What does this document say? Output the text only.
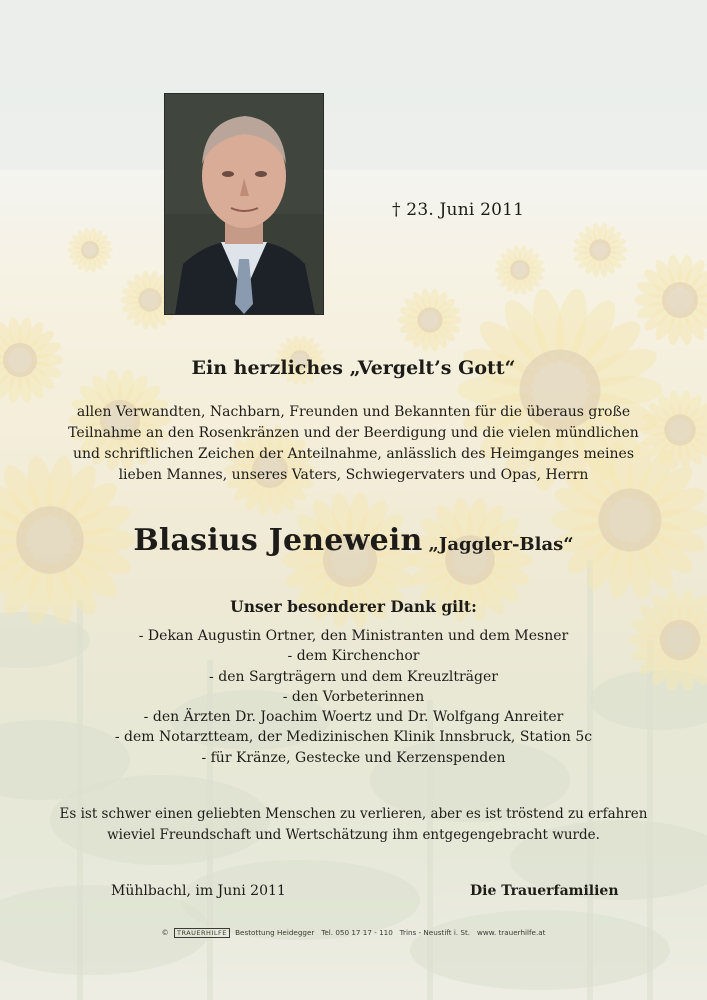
† 23. Juni 2011
Ein herzliches „Vergelt’s Gott“
allen Verwandten, Nachbarn, Freunden und Bekannten für die überaus große
Teilnahme an den Rosenkränzen und der Beerdigung und die vielen mündlichen
und schriftlichen Zeichen der Anteilnahme, anlässlich des Heimganges meines
lieben Mannes, unseres Vaters, Schwiegervaters und Opas, Herrn
Blasius Jenewein „Jaggler-Blas“
Unser besonderer Dank gilt:
- Dekan Augustin Ortner, den Ministranten und dem Mesner
- dem Kirchenchor
- den Sargträgern und dem Kreuzlträger
- den Vorbeterinnen
- den Ärzten Dr. Joachim Woertz und Dr. Wolfgang Anreiter
- dem Notarztteam, der Medizinischen Klinik Innsbruck, Station 5c
- für Kränze, Gestecke und Kerzenspenden
Es ist schwer einen geliebten Menschen zu verlieren, aber es ist tröstend zu erfahren
wieviel Freundschaft und Wertschätzung ihm entgegengebracht wurde.
Mühlbachl, im Juni 2011	Die Trauerfamilien
© TRAUERHILFE Bestottung Heidegger Tel. 050 17 17 - 110 Trins - Neustift i. St. www. trauerhilfe.at
